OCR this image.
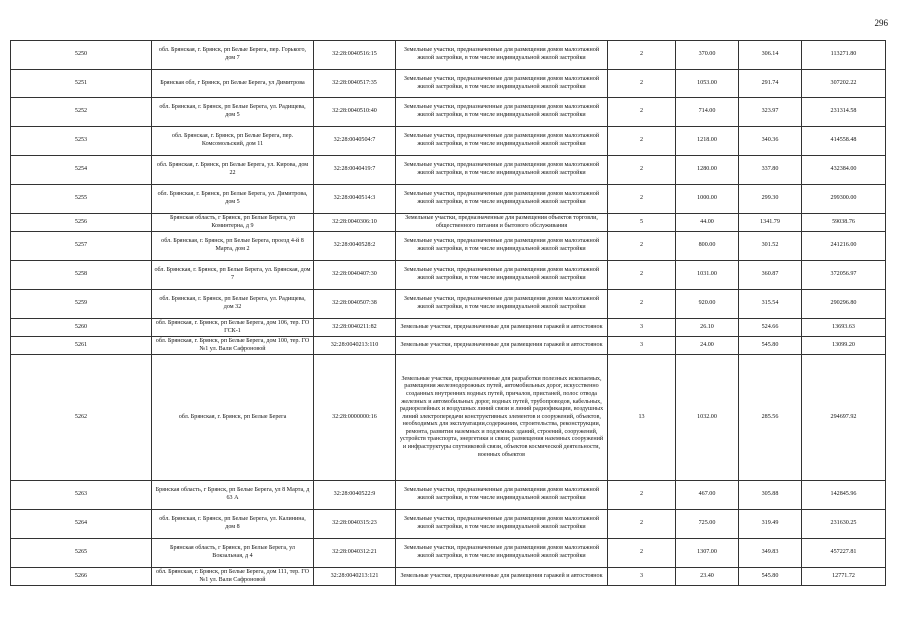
296
5250	обл. Брянская, г. Брянск, рп Белые Берега, пер. Горького, дом 7	32:28:0040516:15	Земельные участки, предназначенные для размещения домов малоэтажной жилой застройки, в том числе индивидуальной жилой застройки	2	370.00	306.14	113271.80
5251	Брянская обл, г Брянск, рп Белые Берега, ул Димитрова	32:28:0040517:35	Земельные участки, предназначенные для размещения домов малоэтажной жилой застройки, в том числе индивидуальной жилой застройки	2	1053.00	291.74	307202.22
5252	обл. Брянская, г. Брянск, рп Белые Берега, ул. Радищева, дом 5	32:28:0040510:40	Земельные участки, предназначенные для размещения домов малоэтажной жилой застройки, в том числе индивидуальной жилой застройки	2	714.00	323.97	231314.58
5253	обл. Брянская, г. Брянск, рп Белые Берега, пер. Комсомольский, дом 11	32:28:0040504:7	Земельные участки, предназначенные для размещения домов малоэтажной жилой застройки, в том числе индивидуальной жилой застройки	2	1218.00	340.36	414558.48
5254	обл. Брянская, г. Брянск, рп Белые Берега, ул. Кирова, дом 22	32:28:0040419:7	Земельные участки, предназначенные для размещения домов малоэтажной жилой застройки, в том числе индивидуальной жилой застройки	2	1280.00	337.80	432384.00
5255	обл. Брянская, г. Брянск, рп Белые Берега, ул. Димитрова, дом 5	32:28:0040514:3	Земельные участки, предназначенные для размещения домов малоэтажной жилой застройки, в том числе индивидуальной жилой застройки	2	1000.00	299.30	299300.00
5256	Брянская область, г Брянск, рп Белые Берега, ул Коминтерна, д 9	32:28:0040306:10	Земельные участки, предназначенные для размещения объектов торговли, общественного питания и бытового обслуживания	5	44.00	1341.79	59038.76
5257	обл. Брянская, г. Брянск, рп Белые Берега, проезд 4-й 8 Марта, дом 2	32:28:0040528:2	Земельные участки, предназначенные для размещения домов малоэтажной жилой застройки, в том числе индивидуальной жилой застройки	2	800.00	301.52	241216.00
5258	обл. Брянская, г. Брянск, рп Белые Берега, ул. Брянская, дом 7	32:28:0040407:30	Земельные участки, предназначенные для размещения домов малоэтажной жилой застройки, в том числе индивидуальной жилой застройки	2	1031.00	360.87	372056.97
5259	обл. Брянская, г. Брянск, рп Белые Берега, ул. Радищева, дом 32	32:28:0040507:38	Земельные участки, предназначенные для размещения домов малоэтажной жилой застройки, в том числе индивидуальной жилой застройки	2	920.00	315.54	290296.80
5260	обл. Брянская, г. Брянск, рп Белые Берега, дом 106, тер. ГО ГСК-1	32:28:0040211:82	Земельные участки, предназначенные для размещения гаражей и автостоянок	3	26.10	524.66	13693.63
5261	обл. Брянская, г. Брянск, рп Белые Берега, дом 100, тер. ГО №1 ул. Вали Сафроновой	32:28:0040213:110	Земельные участки, предназначенные для размещения гаражей и автостоянок	3	24.00	545.80	13099.20
5262	обл. Брянская, г. Брянск, рп Белые Берега	32:28:0000000:16	Земельные участки, предназначенные для разработки полезных ископаемых, размещения железнодорожных путей, автомобильных дорог, искусственно созданных внутренних водных путей, причалов, пристаней, полос отвода железных и автомобильных дорог, водных путей, трубопроводов, кабельных, радиорелейных и воздушных линий связи и линий радиофикации, воздушных линий электропередачи конструктивных элементов и сооружений, объектов, необходимых для эксплуатации,содержания, строительства, реконструкции, ремонта, развития наземных и подземных зданий, строений, сооружений, устройств транспорта, энергетики и связи; размещения наземных сооружений и инфраструктуры спутниковой связи, объектов космической деятельности, военных объектов	13	1032.00	285.56	294697.92
5263	Брянская область, г Брянск, рп Белые Берега, ул 8 Марта, д 63 А	32:28:0040522:9	Земельные участки, предназначенные для размещения домов малоэтажной жилой застройки, в том числе индивидуальной жилой застройки	2	467.00	305.88	142845.96
5264	обл. Брянская, г. Брянск, рп Белые Берега, ул. Калинина, дом 8	32:28:0040315:23	Земельные участки, предназначенные для размещения домов малоэтажной жилой застройки, в том числе индивидуальной жилой застройки	2	725.00	319.49	231630.25
5265	Брянская область, г Брянск, рп Белые Берега, ул Вокзальная, д 4	32:28:0040312:21	Земельные участки, предназначенные для размещения домов малоэтажной жилой застройки, в том числе индивидуальной жилой застройки	2	1307.00	349.83	457227.81
5266	обл. Брянская, г. Брянск, рп Белые Берега, дом 111, тер. ГО №1 ул. Вали Сафроновой	32:28:0040213:121	Земельные участки, предназначенные для размещения гаражей и автостоянок	3	23.40	545.80	12771.72
